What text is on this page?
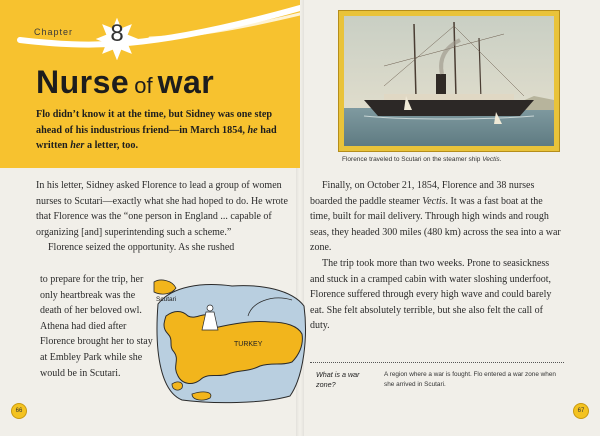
Chapter	8
Nurse of war
Flo didn’t know it at the time, but Sidney was one step ahead of his industrious friend—in March 1854, he had written her a letter, too.

In his letter, Sidney asked Florence to lead a group of women nurses to Scutari—exactly what she had hoped to do. He wrote that Florence was the “one person in England ... capable of organizing [and] superintending such a scheme.”

Florence seized the opportunity. As she rushed

to prepare for the trip, her only heartbreak was the death of her beloved owl. Athena had died after Florence brought her to stay at Embley Park while she would be in Scutari.

Scutari
TURKEY
Florence traveled to Scutari on the steamer ship Vectis.

Finally, on October 21, 1854, Florence and 38 nurses boarded the paddle steamer Vectis. It was a fast boat at the time, built for mail delivery. Through high winds and rough seas, they headed 300 miles (480 km) across the sea into a war zone.

The trip took more than two weeks. Prone to seasickness and stuck in a cramped cabin with water sloshing underfoot, Florence suffered through every high wave and could barely eat. She felt absolutely terrible, but she also felt the call of duty.

What is a war zone?
A region where a war is fought. Flo entered a war zone when she arrived in Scutari.
66	67
